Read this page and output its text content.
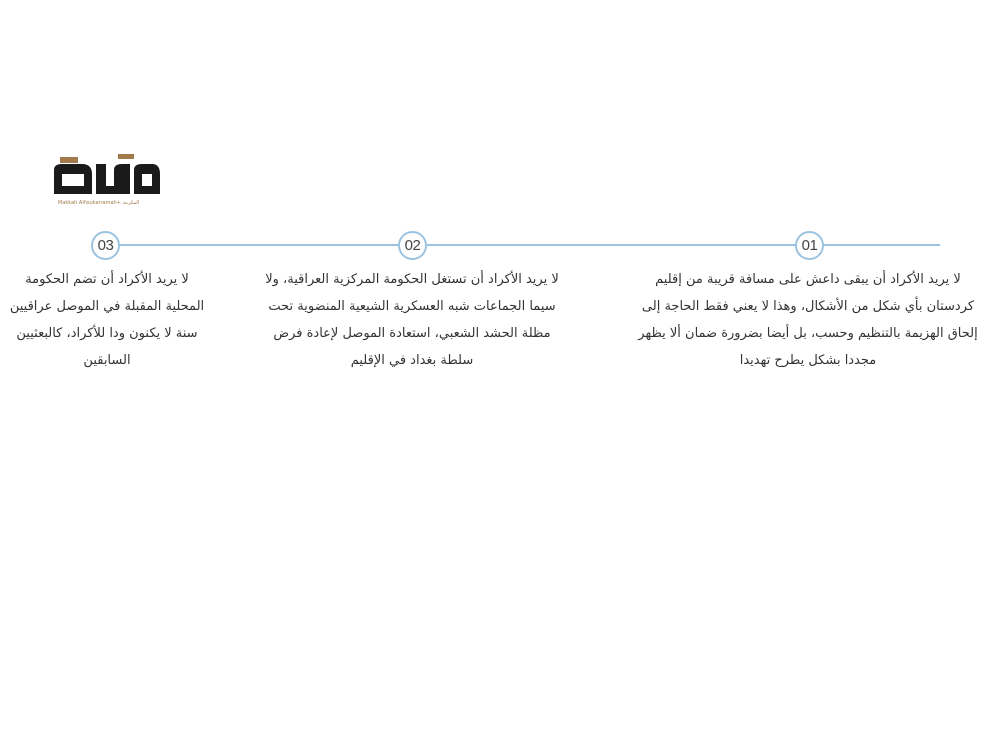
Makkah Alhsukarramah+ المكرمة
01
02
03
لا يريد الأكراد أن يبقى داعش على مسافة قريبة من إقليم كردستان بأي شكل من الأشكال، وهذا لا يعني فقط الحاجة إلى إلحاق الهزيمة بالتنظيم وحسب، بل أيضا بضرورة ضمان ألا يظهر مجددا بشكل يطرح تهديدا
لا يريد الأكراد أن تستغل الحكومة المركزية العراقية، ولا سيما الجماعات شبه العسكرية الشيعية المنضوية تحت مظلة الحشد الشعبي، استعادة الموصل لإعادة فرض سلطة بغداد في الإقليم
لا يريد الأكراد أن تضم الحكومة المحلية المقبلة في الموصل عراقيين سنة لا يكنون ودا للأكراد، كالبعثيين السابقين
